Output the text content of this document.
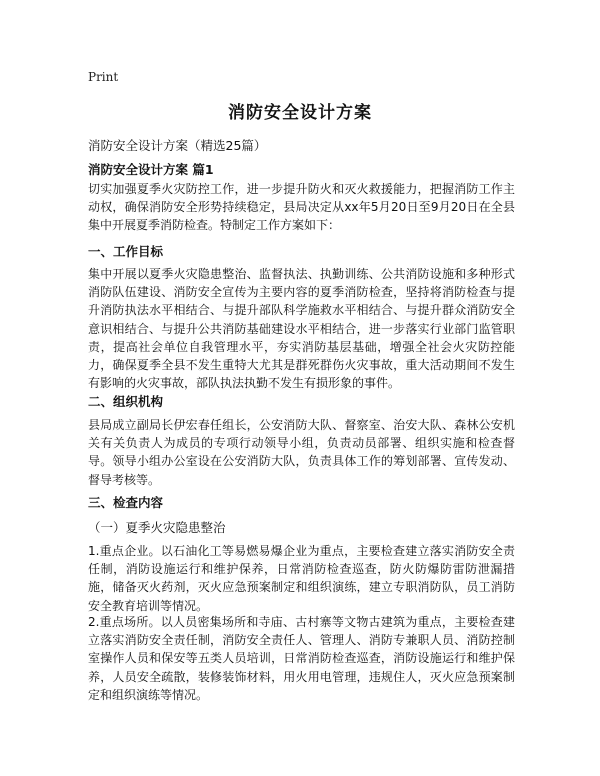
Print
消防安全设计方案
消防安全设计方案（精选25篇）
消防安全设计方案 篇1

切实加强夏季火灾防控工作，进一步提升防火和灭火救援能力，把握消防工作主动权，确保消防安全形势持续稳定，县局决定从xx年5月20日至9月20日在全县集中开展夏季消防检查。特制定工作方案如下：

一、工作目标

集中开展以夏季火灾隐患整治、监督执法、执勤训练、公共消防设施和多种形式消防队伍建设、消防安全宣传为主要内容的夏季消防检查，坚持将消防检查与提升消防执法水平相结合、与提升部队科学施救水平相结合、与提升群众消防安全意识相结合、与提升公共消防基础建设水平相结合，进一步落实行业部门监管职责，提高社会单位自我管理水平，夯实消防基层基础，增强全社会火灾防控能力，确保夏季全县不发生重特大尤其是群死群伤火灾事故，重大活动期间不发生有影响的火灾事故，部队执法执勤不发生有损形象的事件。

二、组织机构

县局成立副局长伊宏春任组长，公安消防大队、督察室、治安大队、森林公安机关有关负责人为成员的专项行动领导小组，负责动员部署、组织实施和检查督导。领导小组办公室设在公安消防大队，负责具体工作的筹划部署、宣传发动、督导考核等。

三、检查内容
（一）夏季火灾隐患整治

1.重点企业。以石油化工等易燃易爆企业为重点，主要检查建立落实消防安全责任制，消防设施运行和维护保养，日常消防检查巡查，防火防爆防雷防泄漏措施，储备灭火药剂，灭火应急预案制定和组织演练，建立专职消防队，员工消防安全教育培训等情况。

2.重点场所。以人员密集场所和寺庙、古村寨等文物古建筑为重点，主要检查建立落实消防安全责任制，消防安全责任人、管理人、消防专兼职人员、消防控制室操作人员和保安等五类人员培训，日常消防检查巡查，消防设施运行和维护保养，人员安全疏散，装修装饰材料，用火用电管理，违规住人，灭火应急预案制定和组织演练等情况。
